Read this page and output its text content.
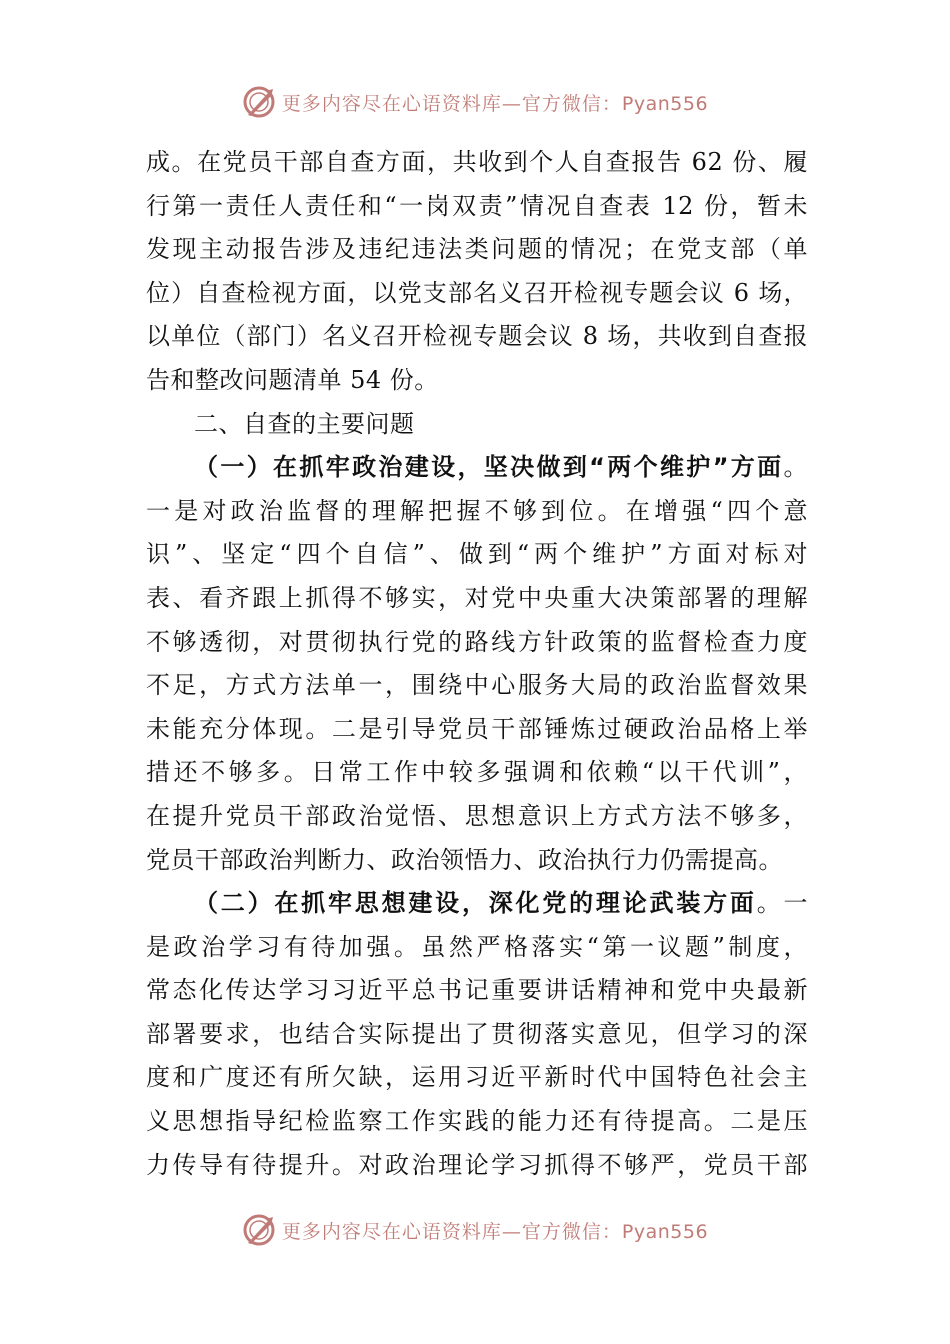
更多内容尽在心语资料库—官方微信：Pyan556
成。在党员干部自查方面，共收到个人自查报告 62 份、履
行第一责任人责任和“一岗双责”情况自查表 12 份，暂未
发现主动报告涉及违纪违法类问题的情况；在党支部（单
位）自查检视方面，以党支部名义召开检视专题会议 6 场，
以单位（部门）名义召开检视专题会议 8 场，共收到自查报
告和整改问题清单 54 份。
二、自查的主要问题
（一）在抓牢政治建设，坚决做到“两个维护”方面。
一是对政治监督的理解把握不够到位。在增强“四个意
识”、坚定“四个自信”、做到“两个维护”方面对标对
表、看齐跟上抓得不够实，对党中央重大决策部署的理解
不够透彻，对贯彻执行党的路线方针政策的监督检查力度
不足，方式方法单一，围绕中心服务大局的政治监督效果
未能充分体现。二是引导党员干部锤炼过硬政治品格上举
措还不够多。日常工作中较多强调和依赖“以干代训”，
在提升党员干部政治觉悟、思想意识上方式方法不够多，
党员干部政治判断力、政治领悟力、政治执行力仍需提高。
（二）在抓牢思想建设，深化党的理论武装方面。一
是政治学习有待加强。虽然严格落实“第一议题”制度，
常态化传达学习习近平总书记重要讲话精神和党中央最新
部署要求，也结合实际提出了贯彻落实意见，但学习的深
度和广度还有所欠缺，运用习近平新时代中国特色社会主
义思想指导纪检监察工作实践的能力还有待提高。二是压
力传导有待提升。对政治理论学习抓得不够严，党员干部
更多内容尽在心语资料库—官方微信：Pyan556
